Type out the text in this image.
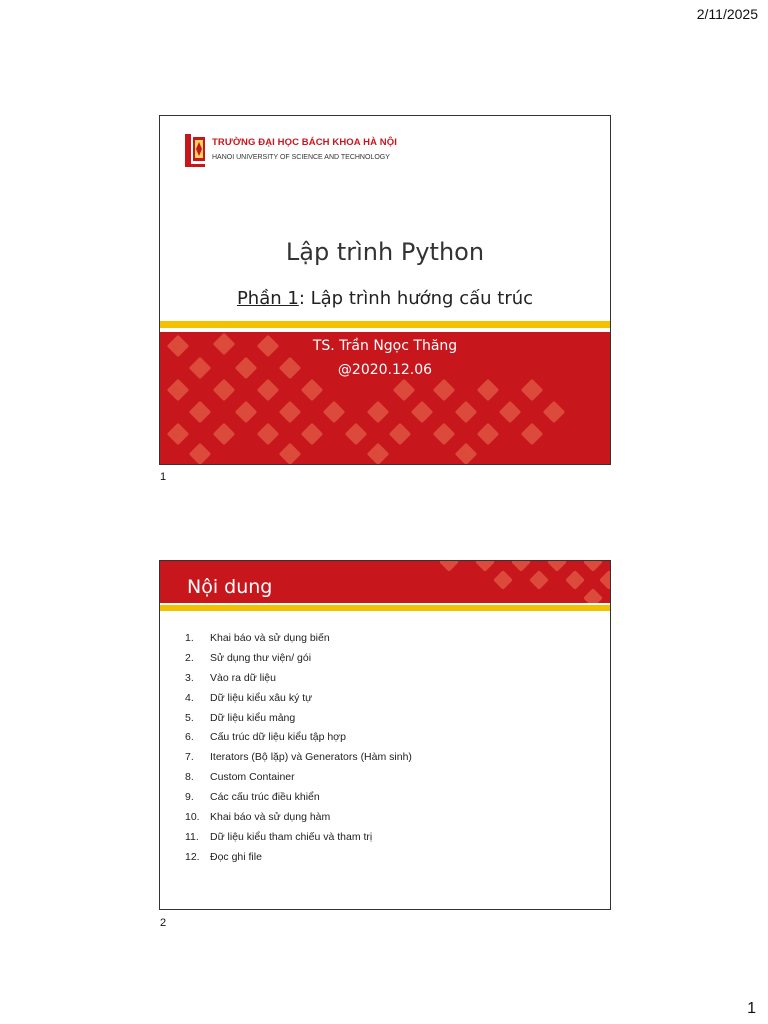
2/11/2025
TRƯỜNG ĐẠI HỌC BÁCH KHOA HÀ NỘI
HANOI UNIVERSITY OF SCIENCE AND TECHNOLOGY
Lập trình Python
Phần 1: Lập trình hướng cấu trúc
TS. Trần Ngọc Thăng
@2020.12.06
1
Nội dung
1. Khai báo và sử dụng biến
2. Sử dụng thư viện/ gói
3. Vào ra dữ liệu
4. Dữ liệu kiểu xâu ký tự
5. Dữ liệu kiểu mảng
6. Cấu trúc dữ liệu kiểu tập hợp
7. Iterators (Bộ lặp) và Generators (Hàm sinh)
8. Custom Container
9. Các cấu trúc điều khiển
10. Khai báo và sử dụng hàm
11. Dữ liệu kiểu tham chiếu và tham trị
12. Đọc ghi file
2
1
